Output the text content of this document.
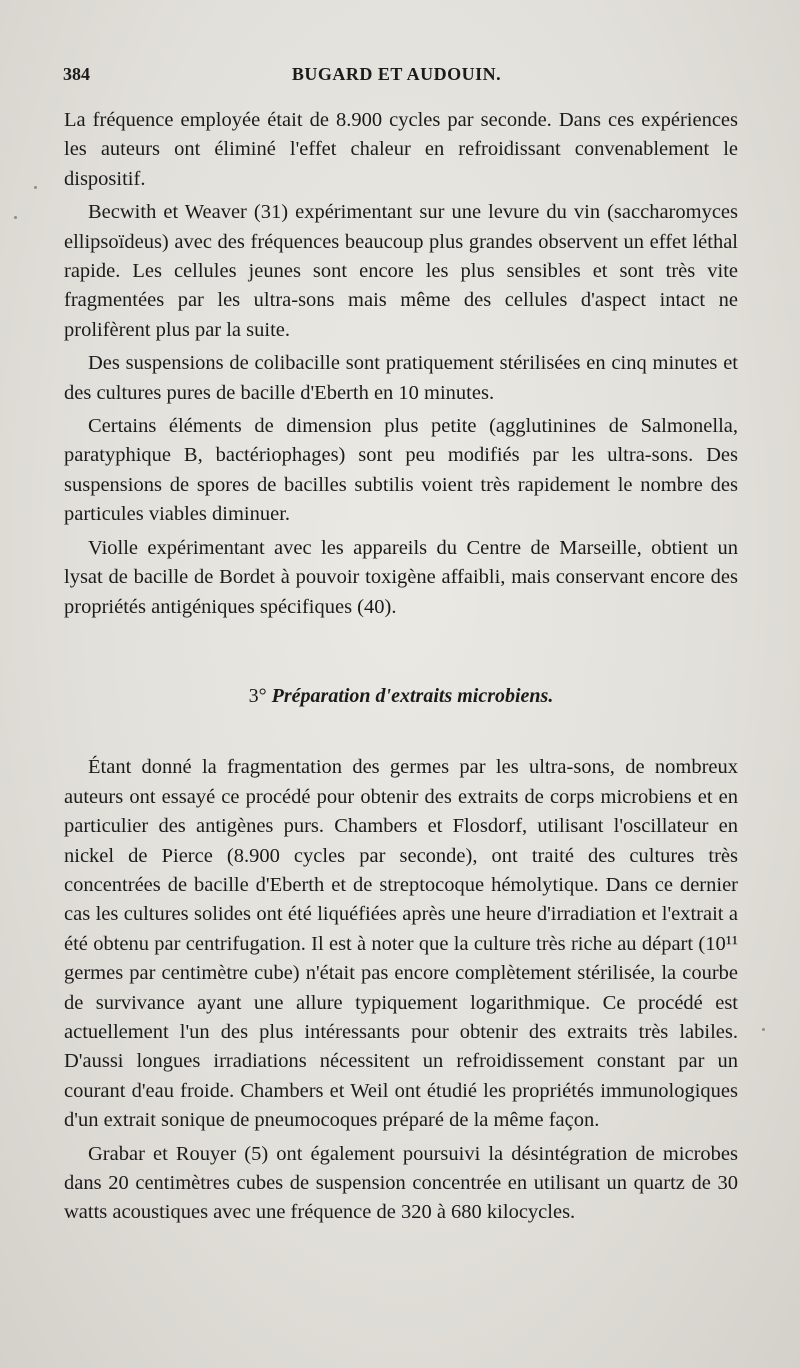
384	BUGARD ET AUDOUIN.

La fréquence employée était de 8.900 cycles par seconde. Dans ces expériences les auteurs ont éliminé l'effet chaleur en refroidissant convenablement le dispositif.

Becwith et Weaver (31) expérimentant sur une levure du vin (saccharomyces ellipsoïdeus) avec des fréquences beaucoup plus grandes observent un effet léthal rapide. Les cellules jeunes sont encore les plus sensibles et sont très vite fragmentées par les ultra-sons mais même des cellules d'aspect intact ne prolifèrent plus par la suite.

Des suspensions de colibacille sont pratiquement stérilisées en cinq minutes et des cultures pures de bacille d'Eberth en 10 minutes.

Certains éléments de dimension plus petite (agglutinines de Salmonella, paratyphique B, bactériophages) sont peu modifiés par les ultra-sons. Des suspensions de spores de bacilles subtilis voient très rapidement le nombre des particules viables diminuer.

Violle expérimentant avec les appareils du Centre de Marseille, obtient un lysat de bacille de Bordet à pouvoir toxigène affaibli, mais conservant encore des propriétés antigéniques spécifiques (40).

3° Préparation d'extraits microbiens.

Étant donné la fragmentation des germes par les ultra-sons, de nombreux auteurs ont essayé ce procédé pour obtenir des extraits de corps microbiens et en particulier des antigènes purs. Chambers et Flosdorf, utilisant l'oscillateur en nickel de Pierce (8.900 cycles par seconde), ont traité des cultures très concentrées de bacille d'Eberth et de streptocoque hémolytique. Dans ce dernier cas les cultures solides ont été liquéfiées après une heure d'irradiation et l'extrait a été obtenu par centrifugation. Il est à noter que la culture très riche au départ (10¹¹ germes par centimètre cube) n'était pas encore complètement stérilisée, la courbe de survivance ayant une allure typiquement logarithmique. Ce procédé est actuellement l'un des plus intéressants pour obtenir des extraits très labiles. D'aussi longues irradiations nécessitent un refroidissement constant par un courant d'eau froide. Chambers et Weil ont étudié les propriétés immunologiques d'un extrait sonique de pneumocoques préparé de la même façon.

Grabar et Rouyer (5) ont également poursuivi la désintégration de microbes dans 20 centimètres cubes de suspension concentrée en utilisant un quartz de 30 watts acoustiques avec une fréquence de 320 à 680 kilocycles.
